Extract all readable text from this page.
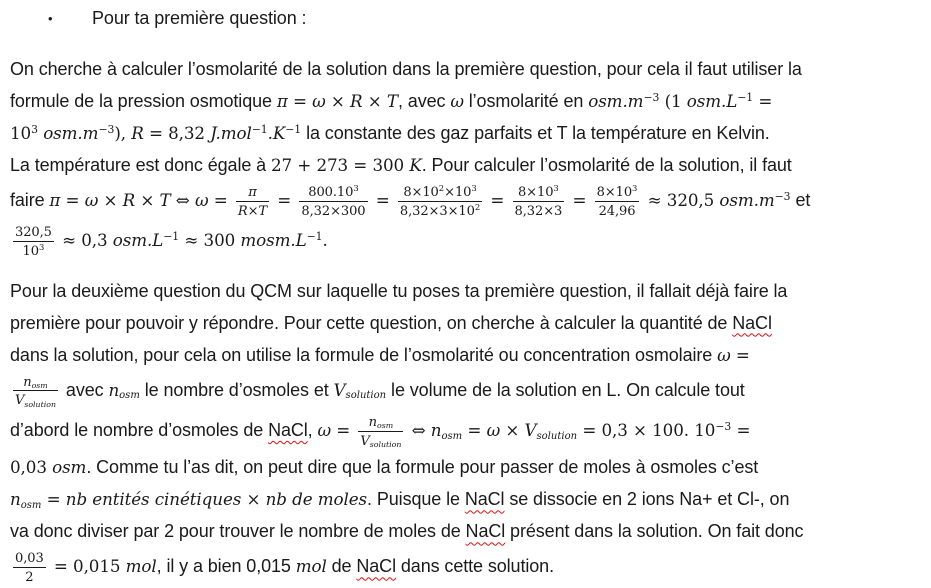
• Pour ta première question :
On cherche à calculer l’osmolarité de la solution dans la première question, pour cela il faut utiliser la
formule de la pression osmotique π = ω × R × T, avec ω l’osmolarité en $osm.m^{-3}$ (1 $osm.L^{-1}$ =
$10^3$ $osm.m^{-3}$), R = 8,32 $J.mol^{-1}.K^{-1}$ la constante des gaz parfaits et T la température en Kelvin.
La température est donc égale à 27 + 273 = 300 K. Pour calculer l’osmolarité de la solution, il faut
faire π = ω × R × T ⇔ $\omega = \frac{\pi}{R\times T} = \frac{800.10^3}{8,32\times 300} = \frac{8\times 10^2\times 10^3}{8,32\times 3\times 10^2} = \frac{8\times 10^3}{8,32\times 3} = \frac{8\times 10^3}{24,96} \approx 320,5$ $osm.m^{-3}$ et
$\frac{320,5}{10^3} \approx 0,3$ $osm.L^{-1} \approx 300$ $mosm.L^{-1}$.
Pour la deuxième question du QCM sur laquelle tu poses ta première question, il fallait déjà faire la
première pour pouvoir y répondre. Pour cette question, on cherche à calculer la quantité de NaCl
dans la solution, pour cela on utilise la formule de l’osmolarité ou concentration osmolaire ω =
$\frac{\text{nosm}}{\text{Vsolution}}$ avec nosm le nombre d’osmoles et Vsolution le volume de la solution en L. On calcule tout
d’abord le nombre d’osmoles de NaCl, $\omega = \frac{\text{nosm}}{\text{Vsolution}}$ ⇔ nosm = ω × Vsolution = 0,3 × 100. $10^{-3}$ =
0,03 osm. Comme tu l’as dit, on peut dire que la formule pour passer de moles à osmoles c’est
nosm = nb entités cinétiques × nb de moles. Puisque le NaCl se dissocie en 2 ions Na+ et Cl-, on
va donc diviser par 2 pour trouver le nombre de moles de NaCl présent dans la solution. On fait donc
$\frac{0,03}{2} = 0,015$ mol, il y a bien 0,015 mol de NaCl dans cette solution.
